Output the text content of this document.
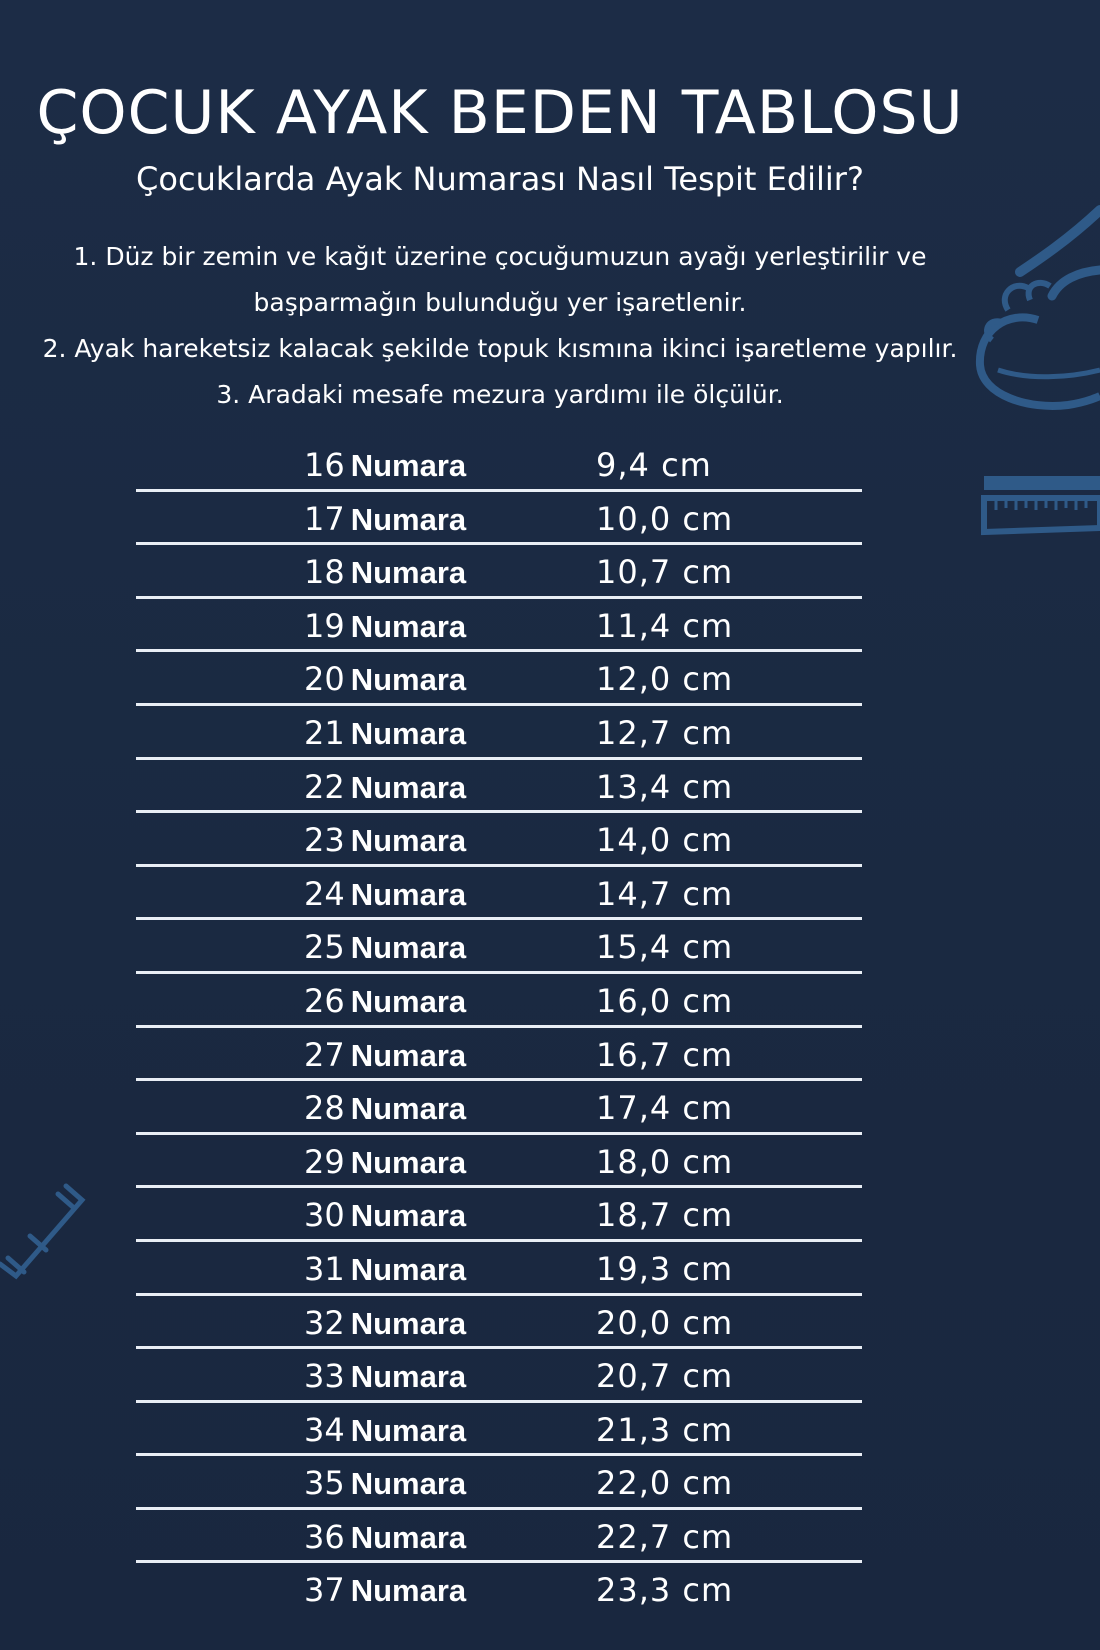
ÇOCUK AYAK BEDEN TABLOSU
Çocuklarda Ayak Numarası Nasıl Tespit Edilir?
1. Düz bir zemin ve kağıt üzerine çocuğumuzun ayağı yerleştirilir ve
başparmağın bulunduğu yer işaretlenir.
2. Ayak hareketsiz kalacak şekilde topuk kısmına ikinci işaretleme yapılır.
3. Aradaki mesafe mezura yardımı ile ölçülür.
16 Numara	9,4 cm
17 Numara	10,0 cm
18 Numara	10,7 cm
19 Numara	11,4 cm
20 Numara	12,0 cm
21 Numara	12,7 cm
22 Numara	13,4 cm
23 Numara	14,0 cm
24 Numara	14,7 cm
25 Numara	15,4 cm
26 Numara	16,0 cm
27 Numara	16,7 cm
28 Numara	17,4 cm
29 Numara	18,0 cm
30 Numara	18,7 cm
31 Numara	19,3 cm
32 Numara	20,0 cm
33 Numara	20,7 cm
34 Numara	21,3 cm
35 Numara	22,0 cm
36 Numara	22,7 cm
37 Numara	23,3 cm
